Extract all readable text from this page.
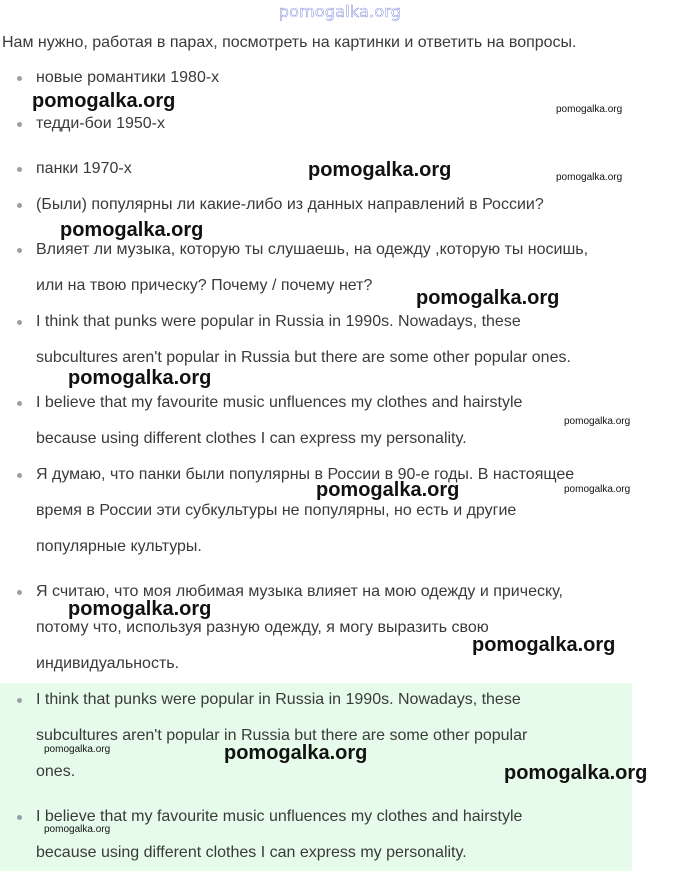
pomogalka.org
Нам нужно, работая в парах, посмотреть на картинки и ответить на вопросы.
новые романтики 1980-х
тедди-бои 1950-х
панки 1970-х
(Были) популярны ли какие-либо из данных направлений в России?
Влияет ли музыка, которую ты слушаешь, на одежду ,которую ты носишь,
или на твою прическу? Почему / почему нет?
I think that punks were popular in Russia in 1990s. Nowadays, these
subcultures aren't popular in Russia but there are some other popular ones.
I believe that my favourite music unfluences my clothes and hairstyle
because using different clothes I can express my personality.
Я думаю, что панки были популярны в России в 90-е годы. В настоящее
время в России эти субкультуры не популярны, но есть и другие
популярные культуры.
Я считаю, что моя любимая музыка влияет на мою одежду и прическу,
потому что, используя разную одежду, я могу выразить свою
индивидуальность.
I think that punks were popular in Russia in 1990s. Nowadays, these
subcultures aren't popular in Russia but there are some other popular
ones.
I believe that my favourite music unfluences my clothes and hairstyle
because using different clothes I can express my personality.
pomogalka.org	pomogalka.org
pomogalka.org	pomogalka.org
pomogalka.org
pomogalka.org
pomogalka.org
pomogalka.org
pomogalka.org	pomogalka.org
pomogalka.org
pomogalka.org
pomogalka.org	pomogalka.org
pomogalka.org
pomogalka.org
